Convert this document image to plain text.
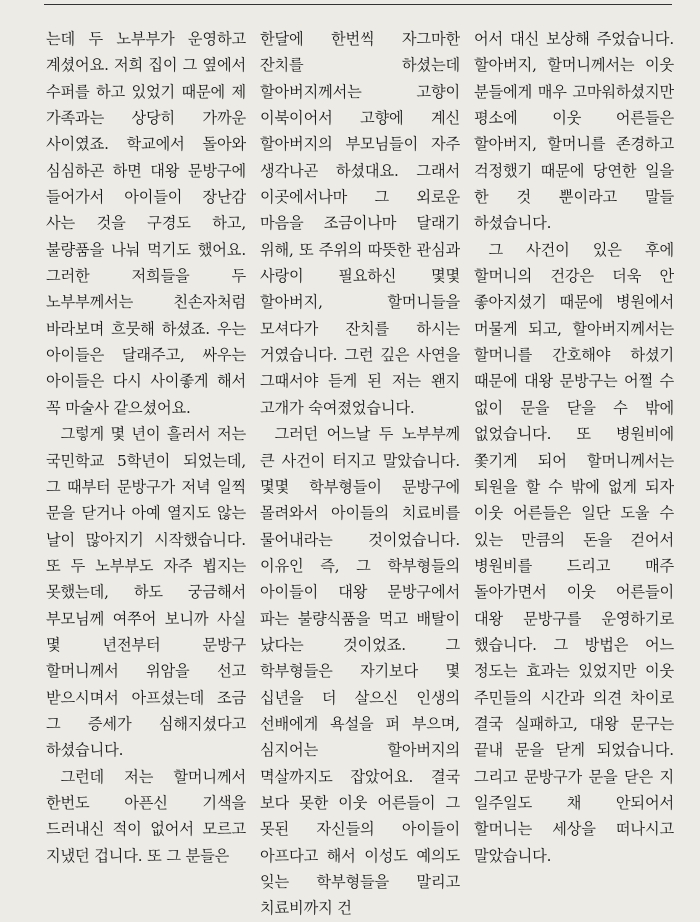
는데 두 노부부가 운영하고 계셨어요. 저희 집이 그 옆에서 수퍼를 하고 있었기 때문에 제 가족과는 상당히 가까운 사이였죠. 학교에서 돌아와 심심하곤 하면 대왕 문방구에 들어가서 아이들이 장난감 사는 것을 구경도 하고, 불량품을 나눠 먹기도 했어요. 그러한 저희들을 두 노부부께서는 친손자처럼 바라보며 흐뭇해 하셨죠. 우는 아이들은 달래주고, 싸우는 아이들은 다시 사이좋게 해서 꼭 마술사 같으셨어요.

그렇게 몇 년이 흘러서 저는 국민학교 5학년이 되었는데, 그 때부터 문방구가 저녁 일찍 문을 닫거나 아예 열지도 않는 날이 많아지기 시작했습니다. 또 두 노부부도 자주 뵙지는 못했는데, 하도 궁금해서 부모님께 여쭈어 보니까 사실 몇 년전부터 문방구 할머니께서 위암을 선고 받으시며서 아프셨는데 조금 그 증세가 심해지셨다고 하셨습니다.

그런데 저는 할머니께서 한번도 아픈신 기색을 드러내신 적이 없어서 모르고 지냈던 겁니다. 또 그 분들은

한달에 한번씩 자그마한 잔치를 하셨는데 할아버지께서는 고향이 이북이어서 고향에 계신 할아버지의 부모님들이 자주 생각나곤 하셨대요. 그래서 이곳에서나마 그 외로운 마음을 조금이나마 달래기 위해, 또 주위의 따뜻한 관심과 사랑이 필요하신 몇몇 할아버지, 할머니들을 모셔다가 잔치를 하시는 거였습니다. 그런 깊은 사연을 그때서야 듣게 된 저는 왠지 고개가 숙여졌었습니다.

그러던 어느날 두 노부부께 큰 사건이 터지고 말았습니다. 몇몇 학부형들이 문방구에 몰려와서 아이들의 치료비를 물어내라는 것이었습니다. 이유인 즉, 그 학부형들의 아이들이 대왕 문방구에서 파는 불량식품을 먹고 배탈이 났다는 것이었죠. 그 학부형들은 자기보다 몇 십년을 더 살으신 인생의 선배에게 욕설을 퍼 부으며, 심지어는 할아버지의 멱살까지도 잡았어요. 결국 보다 못한 이웃 어른들이 그 못된 자신들의 아이들이 아프다고 해서 이성도 예의도 잊는 학부형들을 말리고 치료비까지 건

어서 대신 보상해 주었습니다. 할아버지, 할머니께서는 이웃 분들에게 매우 고마워하셨지만 평소에 이웃 어른들은 할아버지, 할머니를 존경하고 걱정했기 때문에 당연한 일을 한 것 뿐이라고 말들 하셨습니다.

그 사건이 있은 후에 할머니의 건강은 더욱 안 좋아지셨기 때문에 병원에서 머물게 되고, 할아버지께서는 할머니를 간호해야 하셨기 때문에 대왕 문방구는 어쩔 수 없이 문을 닫을 수 밖에 없었습니다. 또 병원비에 쫓기게 되어 할머니께서는 퇴원을 할 수 밖에 없게 되자 이웃 어른들은 일단 도울 수 있는 만큼의 돈을 걷어서 병원비를 드리고 매주 돌아가면서 이웃 어른들이 대왕 문방구를 운영하기로 했습니다. 그 방법은 어느 정도는 효과는 있었지만 이웃 주민들의 시간과 의견 차이로 결국 실패하고, 대왕 문구는 끝내 문을 닫게 되었습니다. 그리고 문방구가 문을 닫은 지 일주일도 채 안되어서 할머니는 세상을 떠나시고 말았습니다.
